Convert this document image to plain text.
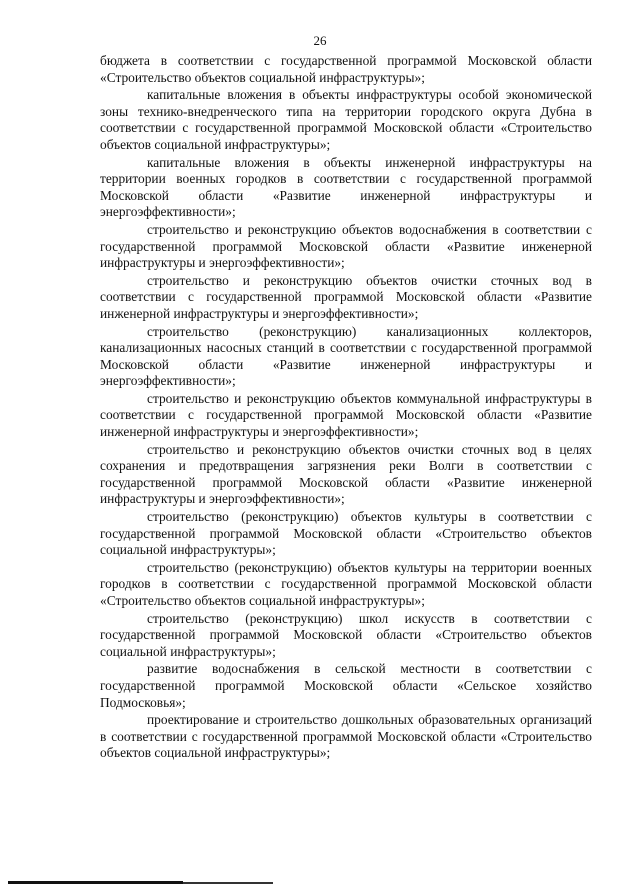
26

бюджета в соответствии с государственной программой Московской области «Строительство объектов социальной инфраструктуры»;

капитальные вложения в объекты инфраструктуры особой экономической зоны технико-внедренческого типа на территории городского округа Дубна в соответствии с государственной программой Московской области «Строительство объектов социальной инфраструктуры»;

капитальные вложения в объекты инженерной инфраструктуры на территории военных городков в соответствии с государственной программой Московской области «Развитие инженерной инфраструктуры и энергоэффективности»;

строительство и реконструкцию объектов водоснабжения в соответствии с государственной программой Московской области «Развитие инженерной инфраструктуры и энергоэффективности»;

строительство и реконструкцию объектов очистки сточных вод в соответствии с государственной программой Московской области «Развитие инженерной инфраструктуры и энергоэффективности»;

строительство (реконструкцию) канализационных коллекторов, канализационных насосных станций в соответствии с государственной программой Московской области «Развитие инженерной инфраструктуры и энергоэффективности»;

строительство и реконструкцию объектов коммунальной инфраструктуры в соответствии с государственной программой Московской области «Развитие инженерной инфраструктуры и энергоэффективности»;

строительство и реконструкцию объектов очистки сточных вод в целях сохранения и предотвращения загрязнения реки Волги в соответствии с государственной программой Московской области «Развитие инженерной инфраструктуры и энергоэффективности»;

строительство (реконструкцию) объектов культуры в соответствии с государственной программой Московской области «Строительство объектов социальной инфраструктуры»;

строительство (реконструкцию) объектов культуры на территории военных городков в соответствии с государственной программой Московской области «Строительство объектов социальной инфраструктуры»;

строительство (реконструкцию) школ искусств в соответствии с государственной программой Московской области «Строительство объектов социальной инфраструктуры»;

развитие водоснабжения в сельской местности в соответствии с государственной программой Московской области «Сельское хозяйство Подмосковья»;

проектирование и строительство дошкольных образовательных организаций в соответствии с государственной программой Московской области «Строительство объектов социальной инфраструктуры»;
